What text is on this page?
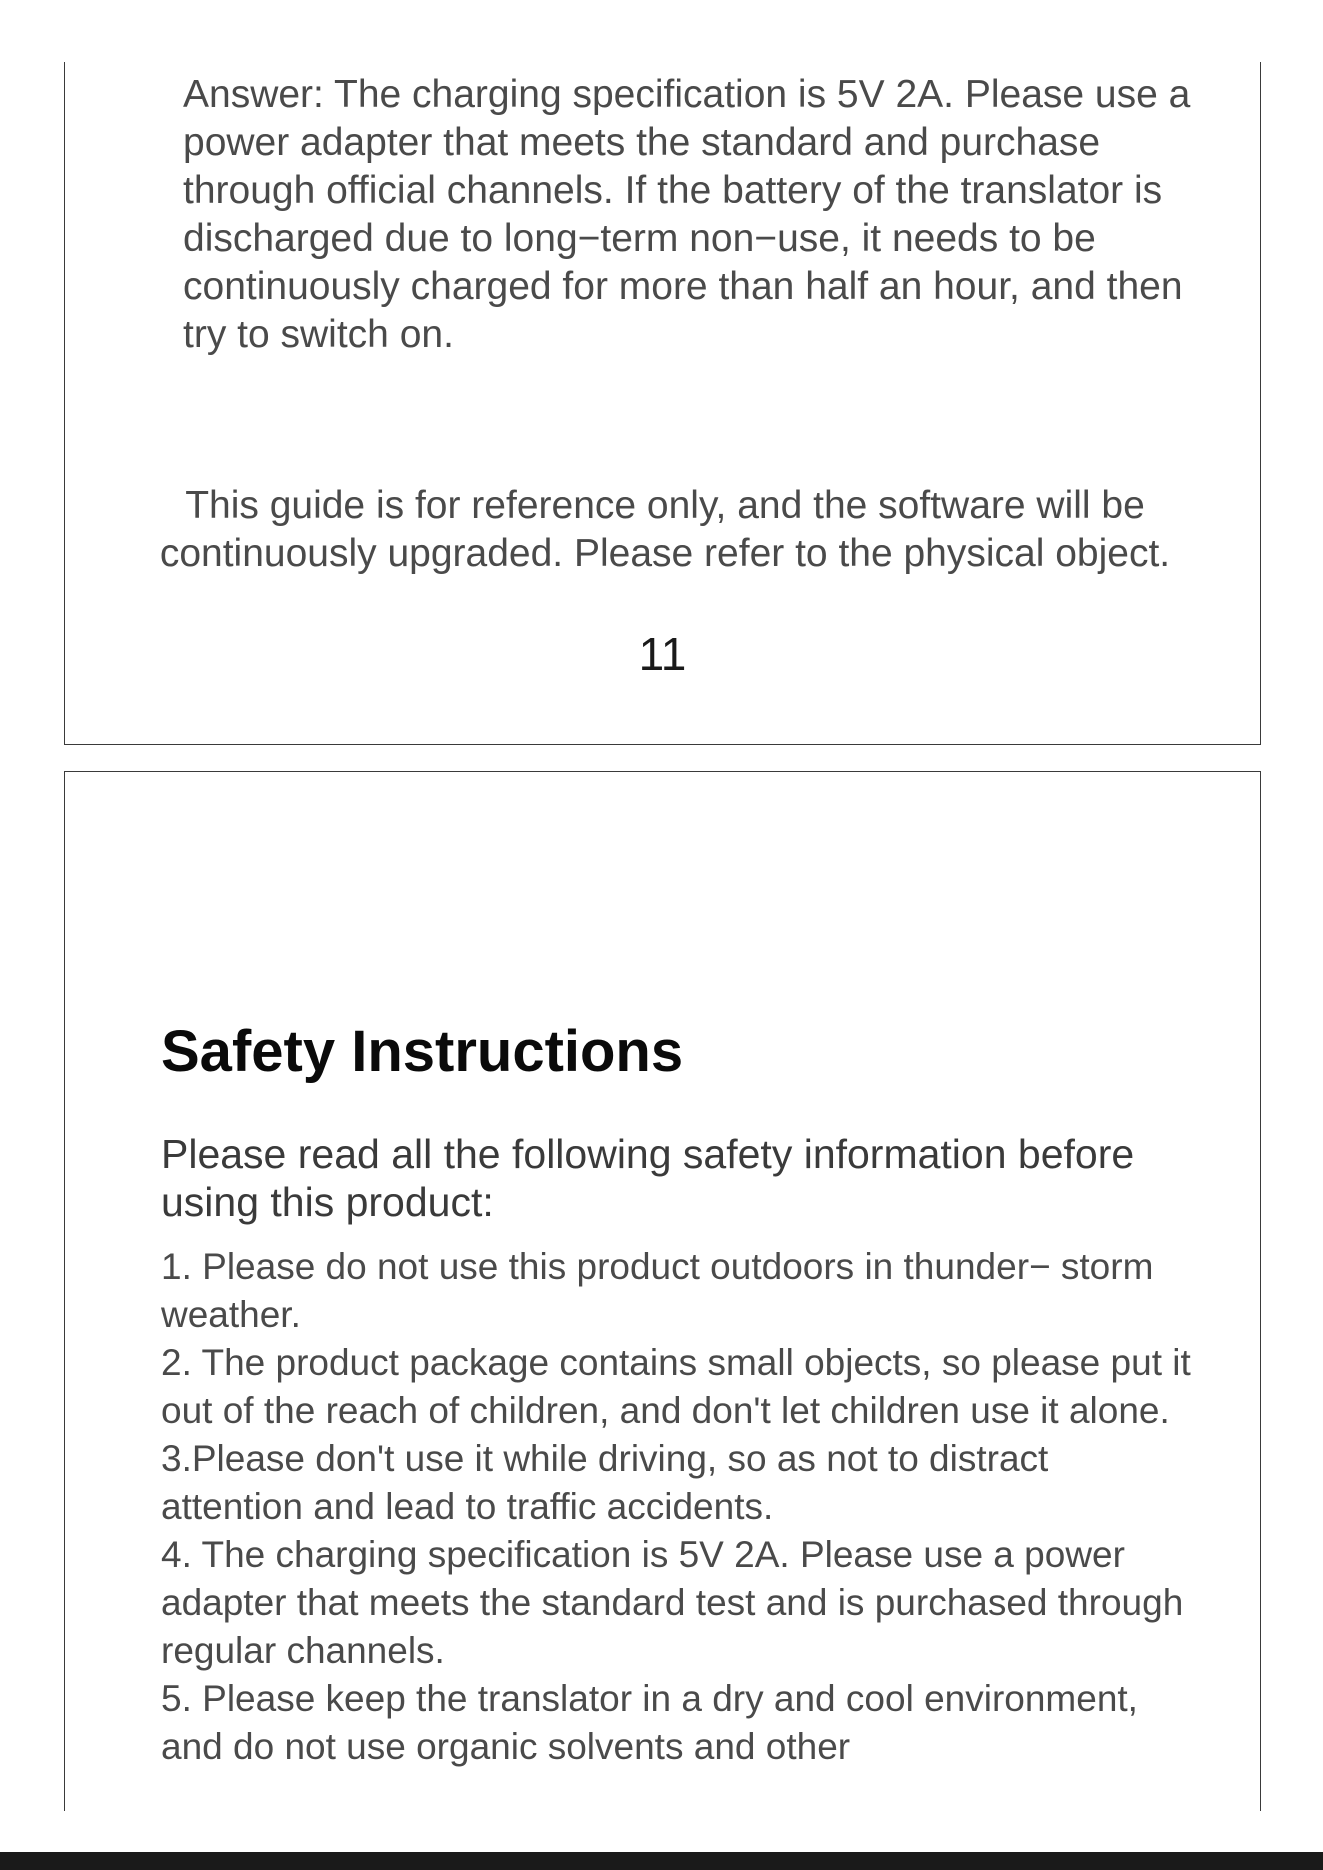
Answer: The charging specification is 5V 2A. Please use a power adapter that meets the standard and purchase through official channels. If the battery of the translator is discharged due to long−term non−use, it needs to be continuously charged for more than half an hour, and then try to switch on.

This guide is for reference only, and the software will be continuously upgraded. Please refer to the physical object.

11
Safety Instructions

Please read all the following safety information before using this product:

1. Please do not use this product outdoors in thunder− storm weather.
2. The product package contains small objects, so please put it out of the reach of children, and don't let children use it alone.
3.Please don't use it while driving, so as not to distract attention and lead to traffic accidents.
4. The charging specification is 5V 2A. Please use a power adapter that meets the standard test and is purchased through regular channels.
5. Please keep the translator in a dry and cool environment, and do not use organic solvents and other
